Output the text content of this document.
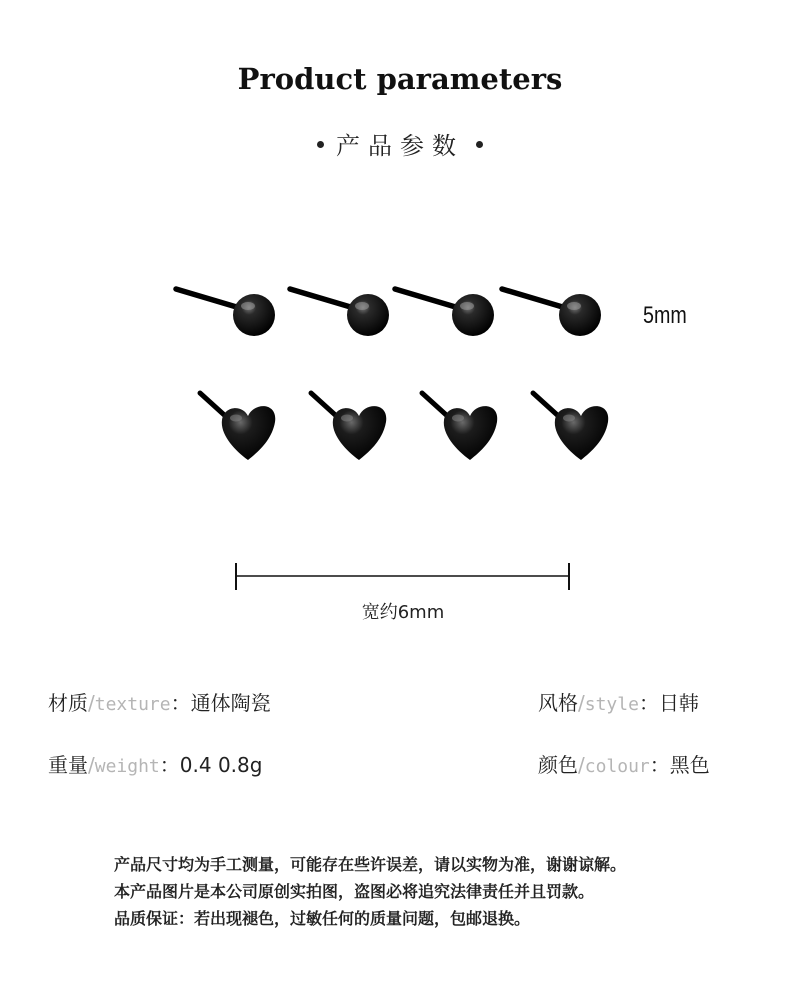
Product parameters
产品参数
5mm
宽约6mm
材质/texture：通体陶瓷	风格/style：日韩
重量/weight：0.4 0.8g	颜色/colour：黑色
产品尺寸均为手工测量，可能存在些许误差，请以实物为准，谢谢谅解。
本产品图片是本公司原创实拍图，盗图必将追究法律责任并且罚款。
品质保证：若出现褪色，过敏任何的质量问题，包邮退换。
